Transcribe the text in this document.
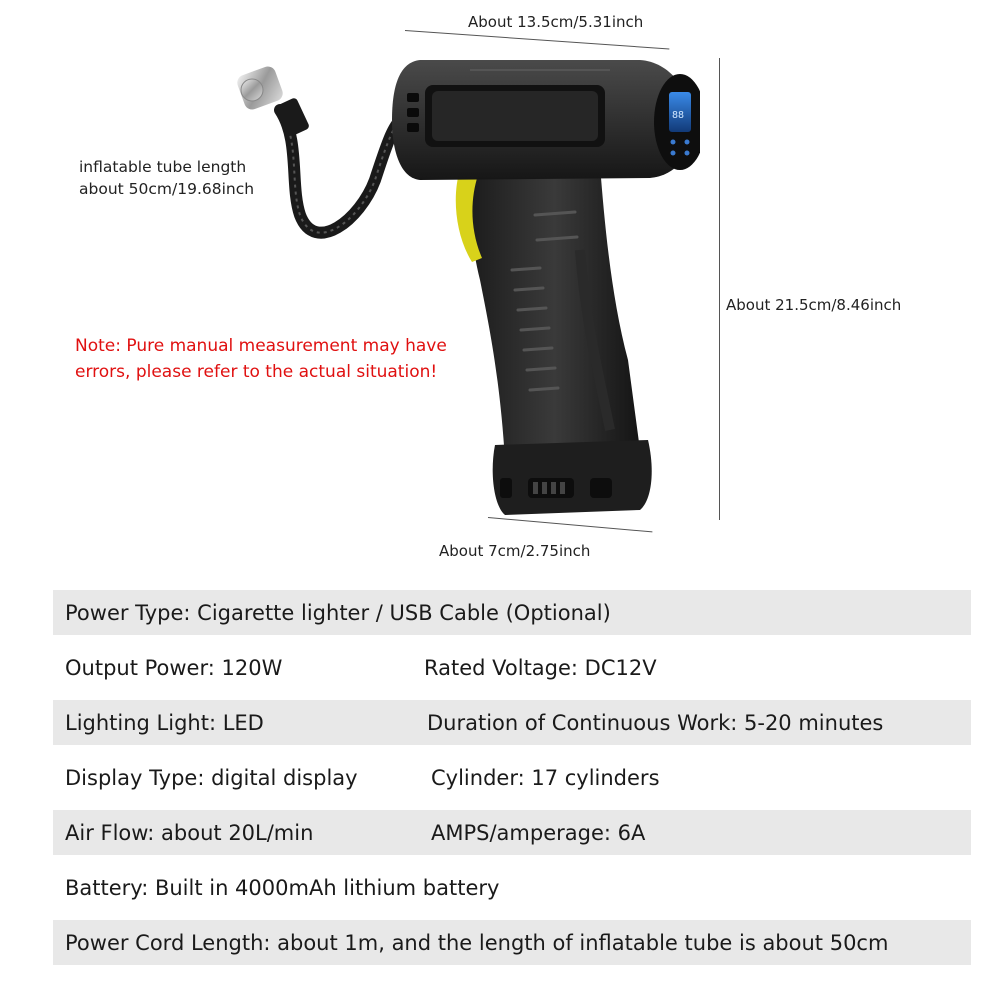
About 13.5cm/5.31inch
About 21.5cm/8.46inch
About 7cm/2.75inch
inflatable tube length
about 50cm/19.68inch
Note: Pure manual measurement may have errors, please refer to the actual situation!
88
Power Type: Cigarette lighter / USB Cable (Optional)
Output Power: 120W	Rated Voltage: DC12V
Lighting Light: LED	Duration of Continuous Work: 5-20 minutes
Display Type: digital display	Cylinder: 17 cylinders
Air Flow: about 20L/min	AMPS/amperage: 6A
Battery: Built in 4000mAh lithium battery
Power Cord Length: about 1m, and the length of inflatable tube is about 50cm
